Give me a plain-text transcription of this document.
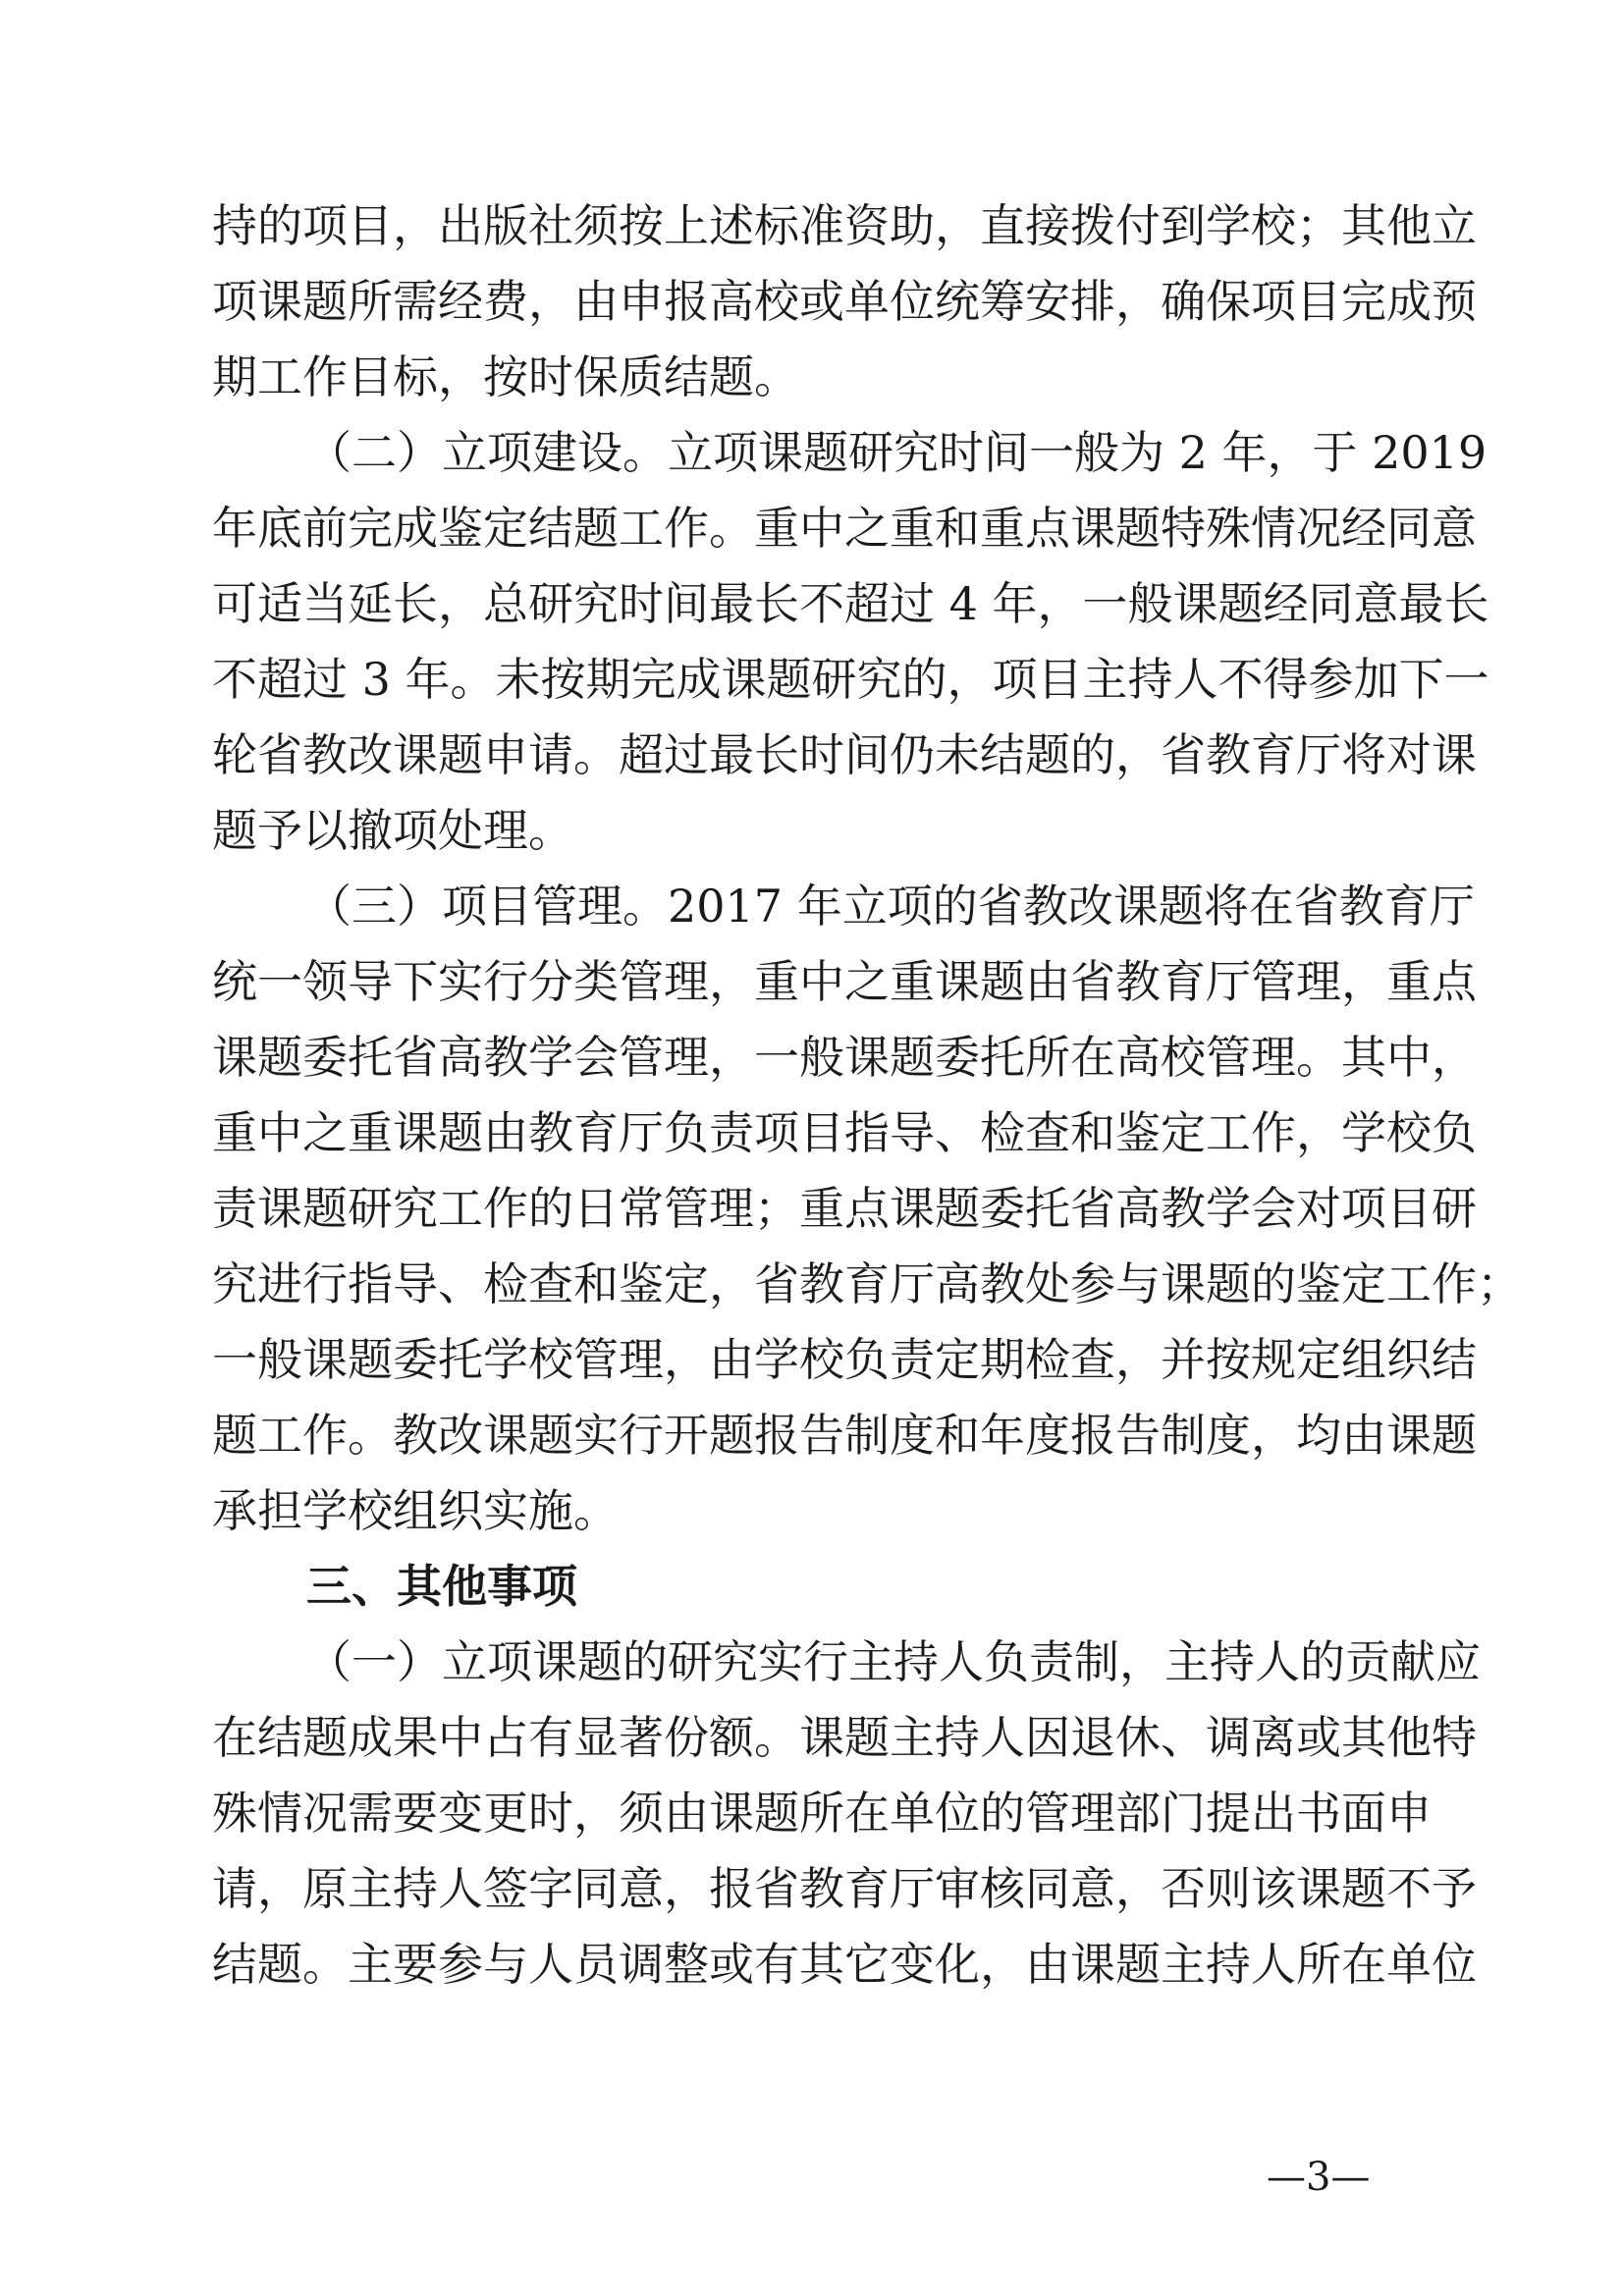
持的项目，出版社须按上述标准资助，直接拨付到学校；其他立
项课题所需经费，由申报高校或单位统筹安排，确保项目完成预
期工作目标，按时保质结题。
（二）立项建设。立项课题研究时间一般为 2 年，于 2019
年底前完成鉴定结题工作。重中之重和重点课题特殊情况经同意
可适当延长，总研究时间最长不超过 4 年，一般课题经同意最长
不超过 3 年。未按期完成课题研究的，项目主持人不得参加下一
轮省教改课题申请。超过最长时间仍未结题的，省教育厅将对课
题予以撤项处理。
（三）项目管理。2017 年立项的省教改课题将在省教育厅
统一领导下实行分类管理，重中之重课题由省教育厅管理，重点
课题委托省高教学会管理，一般课题委托所在高校管理。其中，
重中之重课题由教育厅负责项目指导、检查和鉴定工作，学校负
责课题研究工作的日常管理；重点课题委托省高教学会对项目研
究进行指导、检查和鉴定，省教育厅高教处参与课题的鉴定工作；
一般课题委托学校管理，由学校负责定期检查，并按规定组织结
题工作。教改课题实行开题报告制度和年度报告制度，均由课题
承担学校组织实施。
三、其他事项
（一）立项课题的研究实行主持人负责制，主持人的贡献应
在结题成果中占有显著份额。课题主持人因退休、调离或其他特
殊情况需要变更时，须由课题所在单位的管理部门提出书面申
请，原主持人签字同意，报省教育厅审核同意，否则该课题不予
结题。主要参与人员调整或有其它变化，由课题主持人所在单位
—3—
